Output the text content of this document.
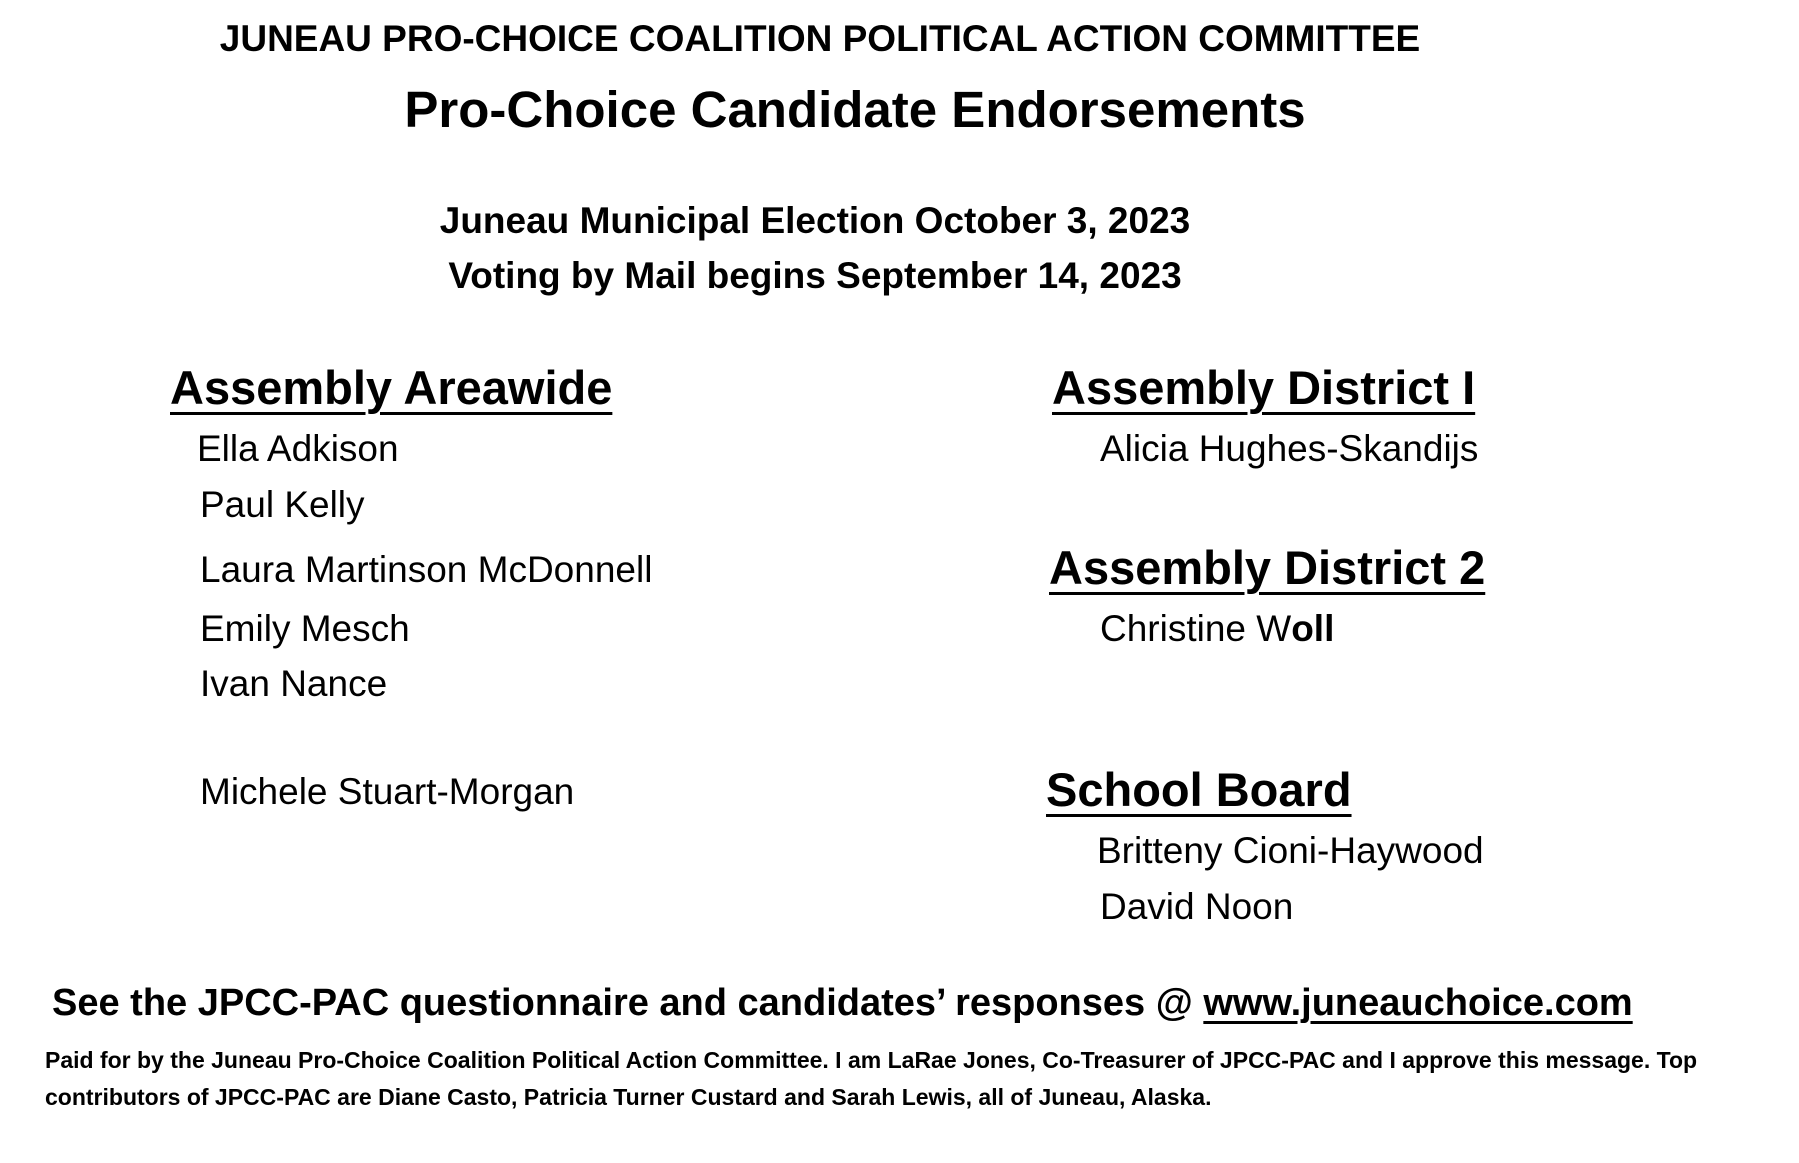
JUNEAU PRO-CHOICE COALITION POLITICAL ACTION COMMITTEE
Pro-Choice Candidate Endorsements
Juneau Municipal Election October 3, 2023
Voting by Mail begins September 14, 2023
Assembly Areawide
Ella Adkison
Paul Kelly
Laura Martinson McDonnell
Emily Mesch
Ivan Nance
Michele Stuart-Morgan
Assembly District I
Alicia Hughes-Skandijs
Assembly District 2
Christine Woll
School Board
Britteny Cioni-Haywood
David Noon
See the JPCC-PAC questionnaire and candidates’ responses @ www.juneauchoice.com
Paid for by the Juneau Pro-Choice Coalition Political Action Committee. I am LaRae Jones, Co-Treasurer of JPCC-PAC and I approve this message. Top contributors of JPCC-PAC are Diane Casto, Patricia Turner Custard and Sarah Lewis, all of Juneau, Alaska.
